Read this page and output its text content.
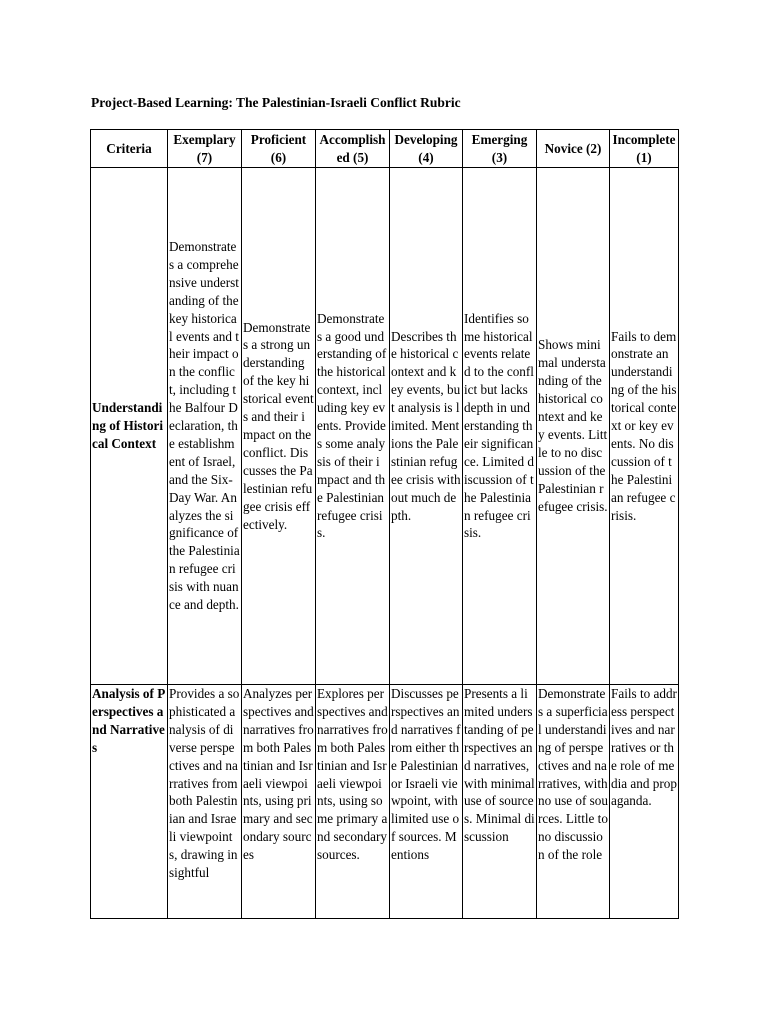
Project-Based Learning: The Palestinian-Israeli Conflict Rubric
Criteria	Exemplary (7)	Proficient (6)	Accomplished (5)	Developing (4)	Emerging (3)	Novice (2)	Incomplete (1)
Understanding of Historical Context	Demonstrates a comprehensive understanding of the key historical events and their impact on the conflict, including the Balfour Declaration, the establishment of Israel, and the Six-Day War. Analyzes the significance of the Palestinian refugee crisis with nuance and depth.	Demonstrates a strong understanding of the key historical events and their impact on the conflict. Discusses the Palestinian refugee crisis effectively.	Demonstrates a good understanding of the historical context, including key events. Provides some analysis of their impact and the Palestinian refugee crisis.	Describes the historical context and key events, but analysis is limited. Mentions the Palestinian refugee crisis without much depth.	Identifies some historical events related to the conflict but lacks depth in understanding their significance. Limited discussion of the Palestinian refugee crisis.	Shows minimal understanding of the historical context and key events. Little to no discussion of the Palestinian refugee crisis.	Fails to demonstrate an understanding of the historical context or key events. No discussion of the Palestinian refugee crisis.
Analysis of Perspectives and Narratives	Provides a sophisticated analysis of diverse perspectives and narratives from both Palestinian and Israeli viewpoints, drawing insightful	Analyzes perspectives and narratives from both Palestinian and Israeli viewpoints, using primary and secondary sources	Explores perspectives and narratives from both Palestinian and Israeli viewpoints, using some primary and secondary sources.	Discusses perspectives and narratives from either the Palestinian or Israeli viewpoint, with limited use of sources. Mentions	Presents a limited understanding of perspectives and narratives, with minimal use of sources. Minimal discussion	Demonstrates a superficial understanding of perspectives and narratives, with no use of sources. Little to no discussion of the role	Fails to address perspectives and narratives or the role of media and propaganda.
